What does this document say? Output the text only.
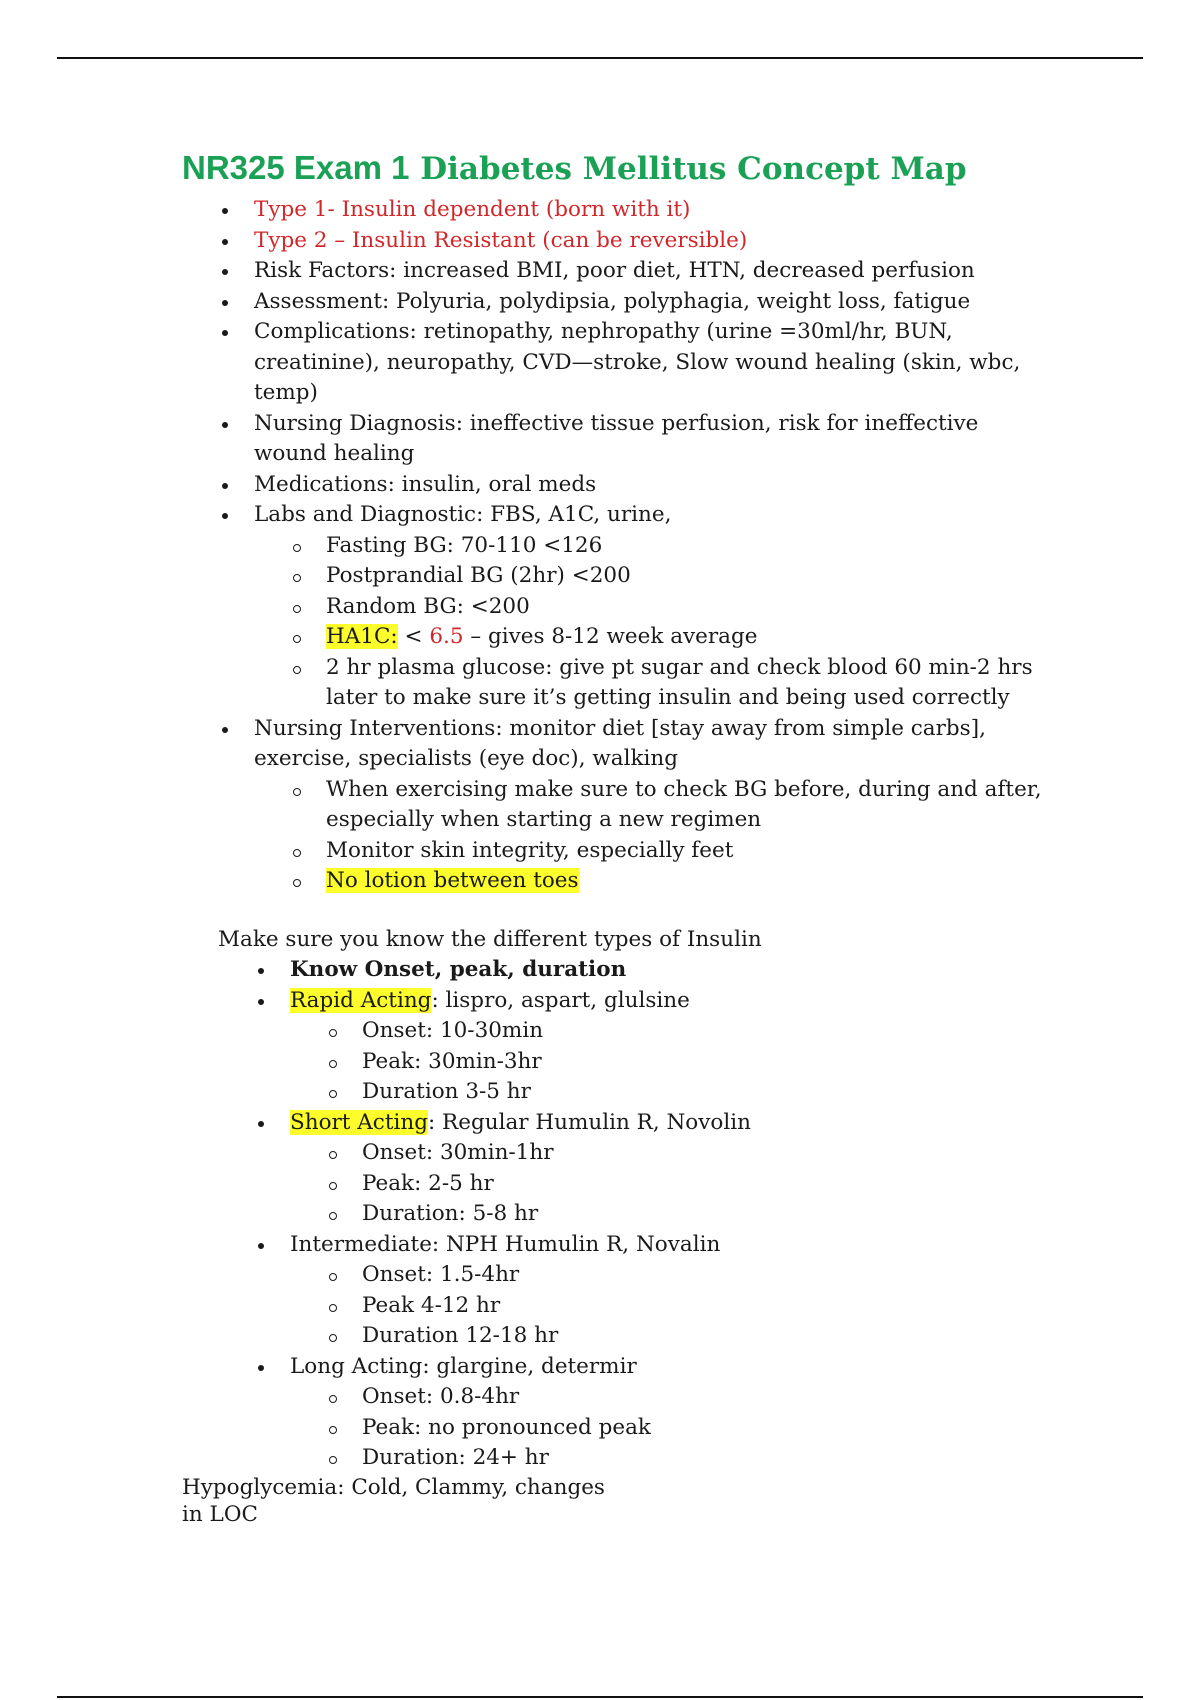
NR325 Exam 1 Diabetes Mellitus Concept Map
Type 1- Insulin dependent (born with it)
Type 2 – Insulin Resistant (can be reversible)
Risk Factors: increased BMI, poor diet, HTN, decreased perfusion
Assessment: Polyuria, polydipsia, polyphagia, weight loss, fatigue
Complications: retinopathy, nephropathy (urine =30ml/hr, BUN, creatinine), neuropathy, CVD—stroke, Slow wound healing (skin, wbc, temp)
Nursing Diagnosis: ineffective tissue perfusion, risk for ineffective wound healing
Medications: insulin, oral meds
Labs and Diagnostic: FBS, A1C, urine,
Fasting BG: 70-110 <126
Postprandial BG (2hr) <200
Random BG: <200
HA1C: < 6.5 – gives 8-12 week average
2 hr plasma glucose: give pt sugar and check blood 60 min-2 hrs later to make sure it’s getting insulin and being used correctly
Nursing Interventions: monitor diet [stay away from simple carbs], exercise, specialists (eye doc), walking
When exercising make sure to check BG before, during and after, especially when starting a new regimen
Monitor skin integrity, especially feet
No lotion between toes
Make sure you know the different types of Insulin
Know Onset, peak, duration
Rapid Acting: lispro, aspart, glulsine
Onset: 10-30min
Peak: 30min-3hr
Duration 3-5 hr
Short Acting: Regular Humulin R, Novolin
Onset: 30min-1hr
Peak: 2-5 hr
Duration: 5-8 hr
Intermediate: NPH Humulin R, Novalin
Onset: 1.5-4hr
Peak 4-12 hr
Duration 12-18 hr
Long Acting: glargine, determir
Onset: 0.8-4hr
Peak: no pronounced peak
Duration: 24+ hr

Hypoglycemia: Cold, Clammy, changes in LOC
